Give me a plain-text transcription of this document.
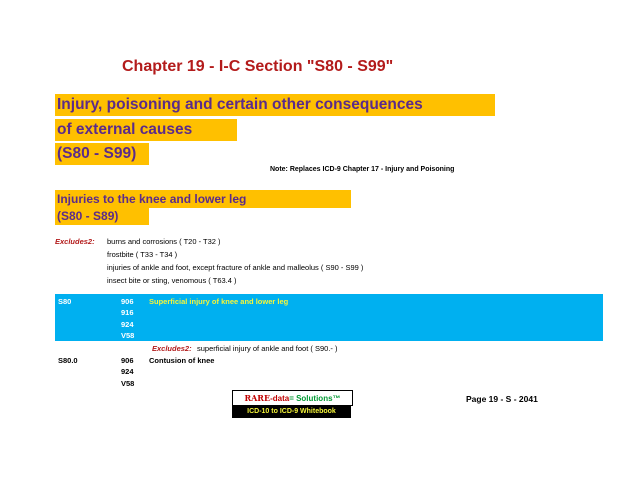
Chapter 19 - I-C Section "S80 - S99"
Injury, poisoning and certain other consequences
of external causes
(S80 - S99)
Note: Replaces ICD-9 Chapter 17 - Injury and Poisoning
Injuries to the knee and lower leg
(S80 - S89)
Excludes2: burns and corrosions ( T20 - T32 )
frostbite ( T33 - T34 )
injuries of ankle and foot, except fracture of ankle and malleolus ( S90 - S99 )
insect bite or sting, venomous ( T63.4 )
S80	906
916
924
V58
Superficial injury of knee and lower leg
Excludes2: superficial injury of ankle and foot ( S90.- )
S80.0	906
924
V58
Contusion of knee
RARE-data= Solutions™
ICD-10 to ICD-9 Whitebook
Page 19 - S - 2041
